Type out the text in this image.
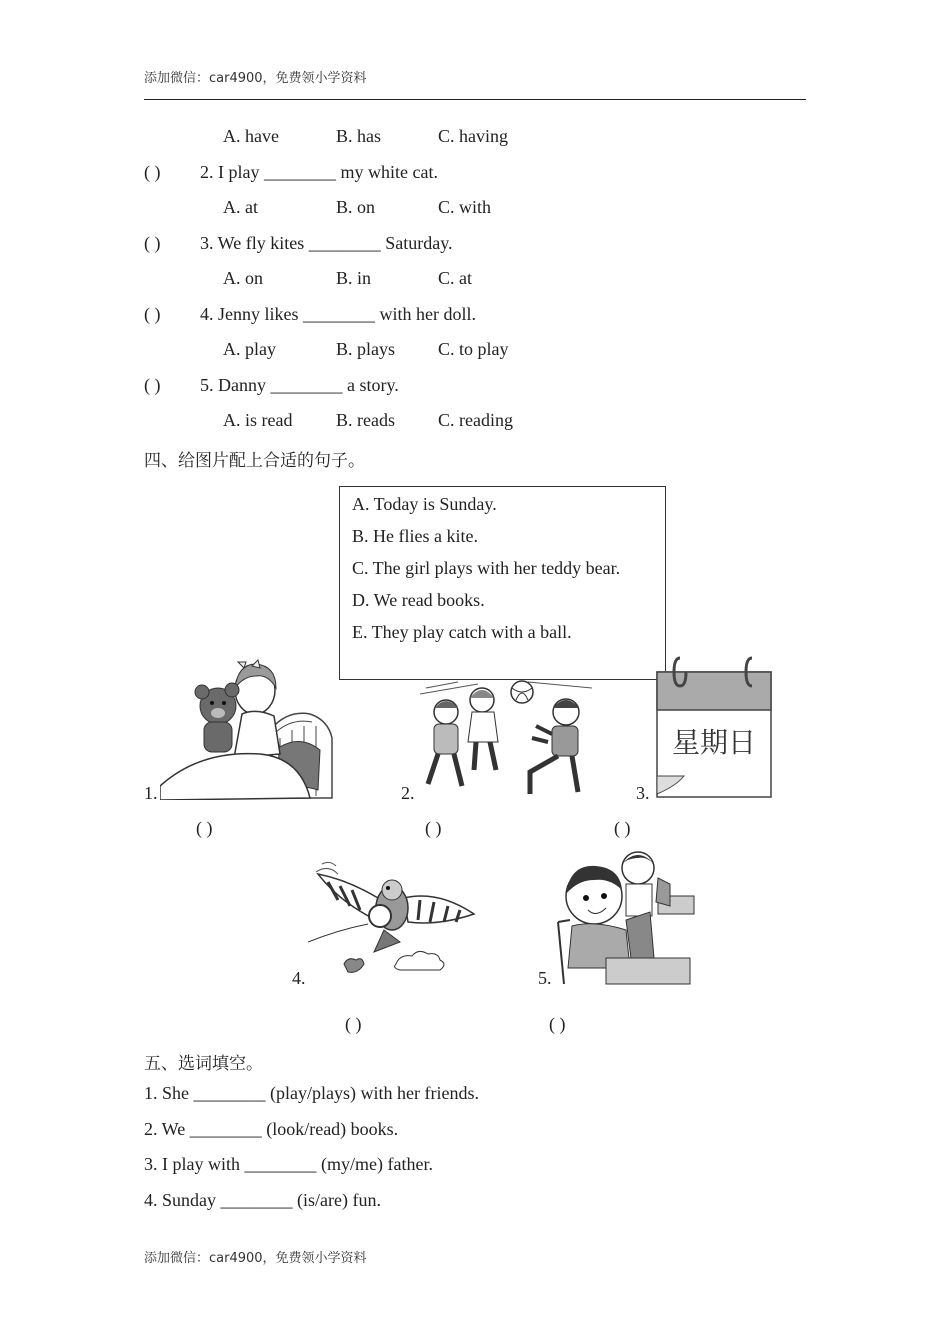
添加微信：car4900，免费领小学资料
A. have	B. has	C. having
( ) 2. I play ________ my white cat.
A. at	B. on	C. with
( ) 3. We fly kites ________ Saturday.
A. on	B. in	C. at
( ) 4. Jenny likes ________ with her doll.
A. play	B. plays C. to play
( ) 5. Danny ________ a story.
A. is read B. reads C. reading
四、给图片配上合适的句子。
A. Today is Sunday.
B. He flies a kite.
C. The girl plays with her teddy bear.
D. We read books.
E. They play catch with a ball.
1.	2.
星期日
3.
( )	( )	( )
4.	5.
( )	( )
五、选词填空。
1. She ________ (play/plays) with her friends.
2. We ________ (look/read) books.
3. I play with ________ (my/me) father.
4. Sunday ________ (is/are) fun.
添加微信：car4900，免费领小学资料
